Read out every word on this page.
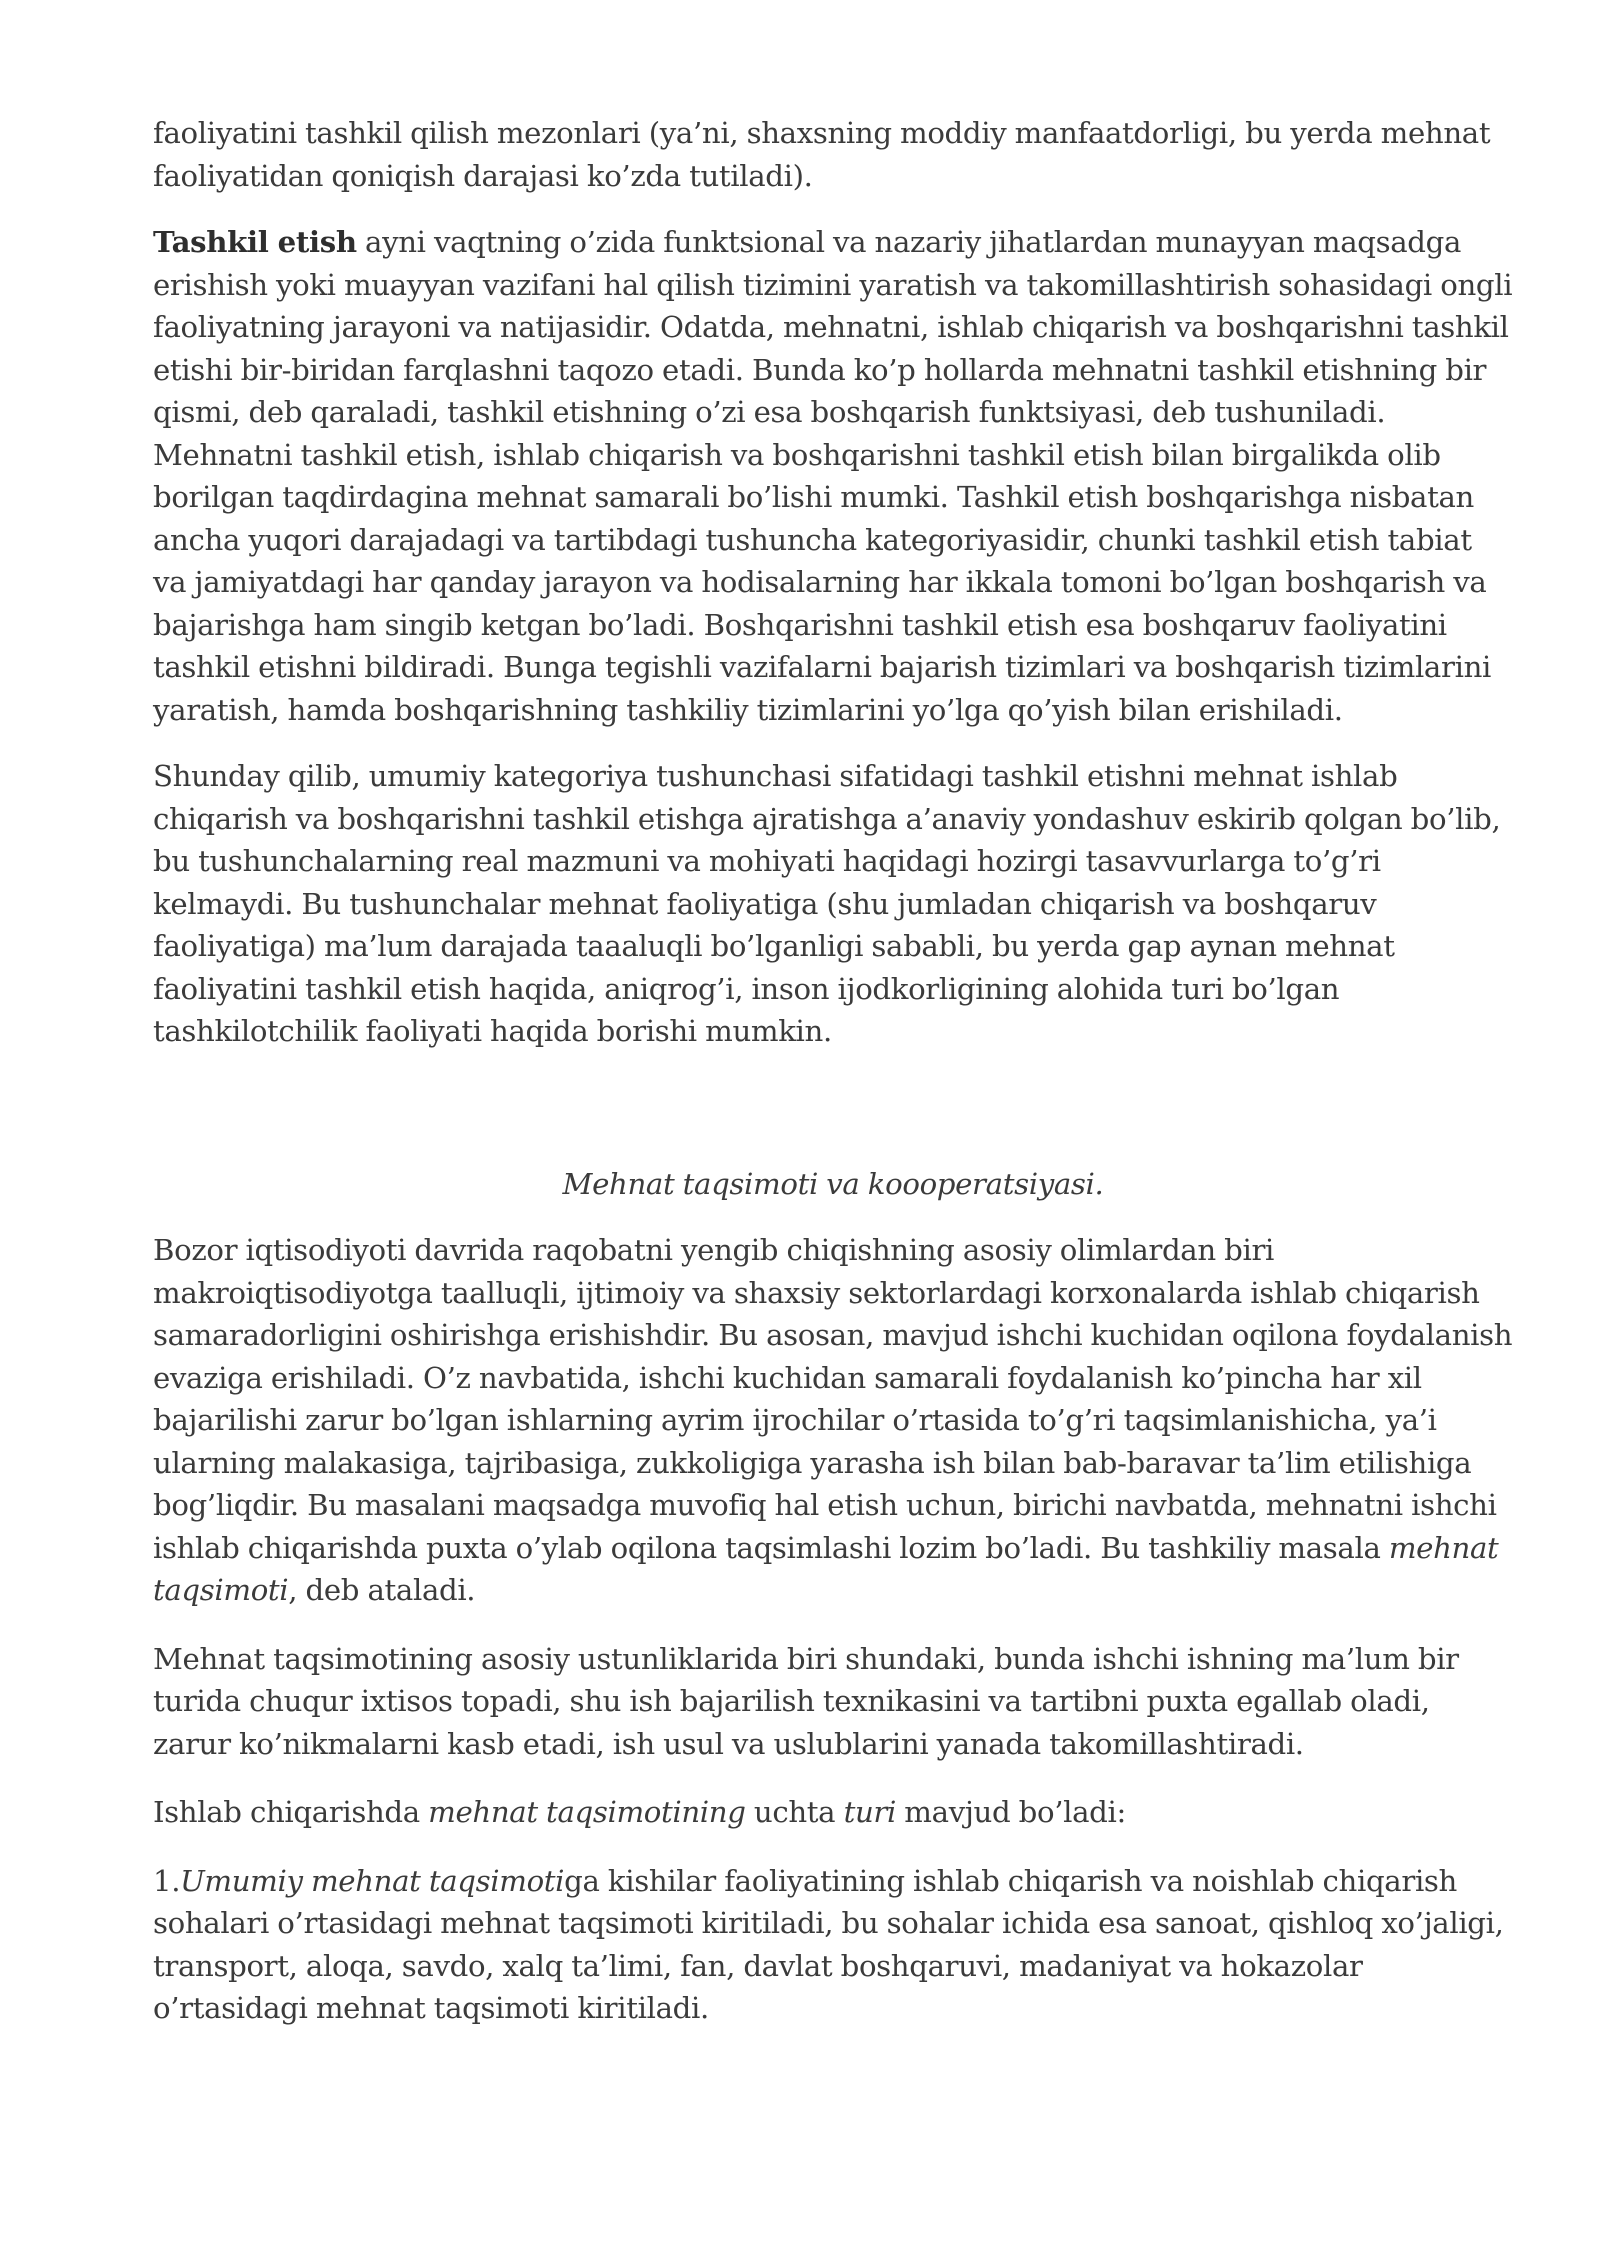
faoliyatini tashkil qilish mezonlari (ya’ni, shaxsning moddiy manfaatdorligi, bu yerda mehnat faoliyatidan qoniqish darajasi ko’zda tutiladi).

Tashkil etish ayni vaqtning o’zida funktsional va nazariy jihatlardan munayyan maqsadga erishish yoki muayyan vazifani hal qilish tizimini yaratish va takomillashtirish sohasidagi ongli faoliyatning jarayoni va natijasidir. Odatda, mehnatni, ishlab chiqarish va boshqarishni tashkil etishi bir-biridan farqlashni taqozo etadi. Bunda ko’p hollarda mehnatni tashkil etishning bir qismi, deb qaraladi, tashkil etishning o’zi esa boshqarish funktsiyasi, deb tushuniladi. Mehnatni tashkil etish, ishlab chiqarish va boshqarishni tashkil etish bilan birgalikda olib borilgan taqdirdagina mehnat samarali bo’lishi mumki. Tashkil etish boshqarishga nisbatan ancha yuqori darajadagi va tartibdagi tushuncha kategoriyasidir, chunki tashkil etish tabiat va jamiyatdagi har qanday jarayon va hodisalarning har ikkala tomoni bo’lgan boshqarish va bajarishga ham singib ketgan bo’ladi. Boshqarishni tashkil etish esa boshqaruv faoliyatini tashkil etishni bildiradi. Bunga tegishli vazifalarni bajarish tizimlari va boshqarish tizimlarini yaratish, hamda boshqarishning tashkiliy tizimlarini yo’lga qo’yish bilan erishiladi.

Shunday qilib, umumiy kategoriya tushunchasi sifatidagi tashkil etishni mehnat ishlab chiqarish va boshqarishni tashkil etishga ajratishga a’anaviy yondashuv eskirib qolgan bo’lib, bu tushunchalarning real mazmuni va mohiyati haqidagi hozirgi tasavvurlarga to’g’ri kelmaydi. Bu tushunchalar mehnat faoliyatiga (shu jumladan chiqarish va boshqaruv faoliyatiga) ma’lum darajada taaaluqli bo’lganligi sababli, bu yerda gap aynan mehnat faoliyatini tashkil etish haqida, aniqrog’i, inson ijodkorligining alohida turi bo’lgan tashkilotchilik faoliyati haqida borishi mumkin.

Mehnat taqsimoti va koooperatsiyasi.

Bozor iqtisodiyoti davrida raqobatni yengib chiqishning asosiy olimlardan biri makroiqtisodiyotga taalluqli, ijtimoiy va shaxsiy sektorlardagi korxonalarda ishlab chiqarish samaradorligini oshirishga erishishdir. Bu asosan, mavjud ishchi kuchidan oqilona foydalanish evaziga erishiladi. O’z navbatida, ishchi kuchidan samarali foydalanish ko’pincha har xil bajarilishi zarur bo’lgan ishlarning ayrim ijrochilar o’rtasida to’g’ri taqsimlanishicha, ya’i ularning malakasiga, tajribasiga, zukkoligiga yarasha ish bilan bab-baravar ta’lim etilishiga bog’liqdir. Bu masalani maqsadga muvofiq hal etish uchun, birichi navbatda, mehnatni ishchi ishlab chiqarishda puxta o’ylab oqilona taqsimlashi lozim bo’ladi. Bu tashkiliy masala mehnat taqsimoti, deb ataladi.

Mehnat taqsimotining asosiy ustunliklarida biri shundaki, bunda ishchi ishning ma’lum bir turida chuqur ixtisos topadi, shu ish bajarilish texnikasini va tartibni puxta egallab oladi, zarur ko’nikmalarni kasb etadi, ish usul va uslublarini yanada takomillashtiradi.

Ishlab chiqarishda mehnat taqsimotining uchta turi mavjud bo’ladi:

1.Umumiy mehnat taqsimotiga kishilar faoliyatining ishlab chiqarish va noishlab chiqarish sohalari o’rtasidagi mehnat taqsimoti kiritiladi, bu sohalar ichida esa sanoat, qishloq xo’jaligi, transport, aloqa, savdo, xalq ta’limi, fan, davlat boshqaruvi, madaniyat va hokazolar o’rtasidagi mehnat taqsimoti kiritiladi.
